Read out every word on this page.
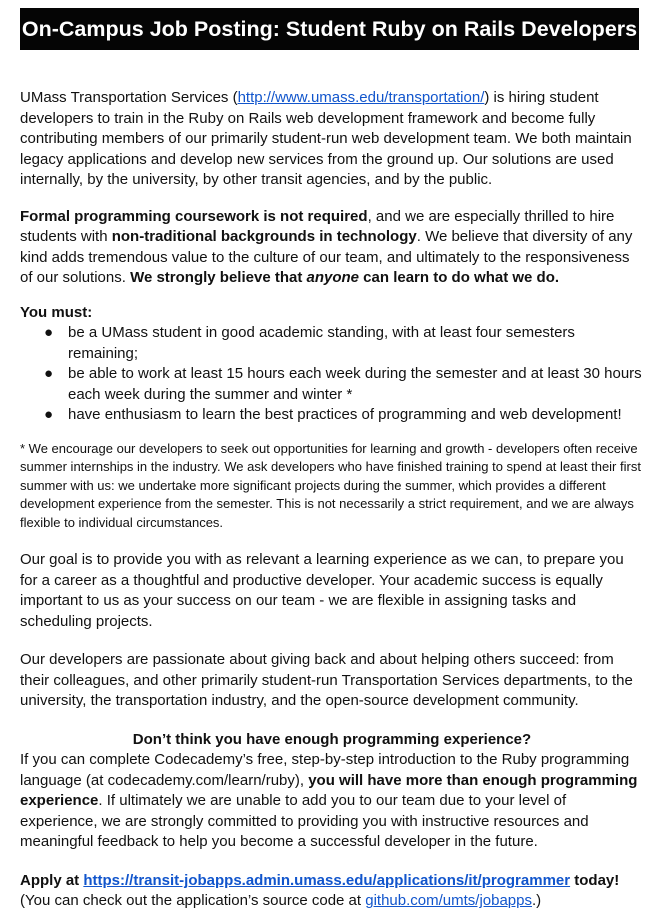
On-Campus Job Posting: Student Ruby on Rails Developers

UMass Transportation Services (http://www.umass.edu/transportation/) is hiring student developers to train in the Ruby on Rails web development framework and become fully contributing members of our primarily student-run web development team. We both maintain legacy applications and develop new services from the ground up. Our solutions are used internally, by the university, by other transit agencies, and by the public.

Formal programming coursework is not required, and we are especially thrilled to hire students with non-traditional backgrounds in technology. We believe that diversity of any kind adds tremendous value to the culture of our team, and ultimately to the responsiveness of our solutions. We strongly believe that anyone can learn to do what we do.

You must:

● be a UMass student in good academic standing, with at least four semesters remaining;
● be able to work at least 15 hours each week during the semester and at least 30 hours each week during the summer and winter *
● have enthusiasm to learn the best practices of programming and web development!

* We encourage our developers to seek out opportunities for learning and growth - developers often receive summer internships in the industry. We ask developers who have finished training to spend at least their first summer with us: we undertake more significant projects during the summer, which provides a different development experience from the semester. This is not necessarily a strict requirement, and we are always flexible to individual circumstances.

Our goal is to provide you with as relevant a learning experience as we can, to prepare you for a career as a thoughtful and productive developer. Your academic success is equally important to us as your success on our team - we are flexible in assigning tasks and scheduling projects.

Our developers are passionate about giving back and about helping others succeed: from their colleagues, and other primarily student-run Transportation Services departments, to the university, the transportation industry, and the open-source development community.

Don’t think you have enough programming experience?

If you can complete Codecademy’s free, step-by-step introduction to the Ruby programming language (at codecademy.com/learn/ruby), you will have more than enough programming experience. If ultimately we are unable to add you to our team due to your level of experience, we are strongly committed to providing you with instructive resources and meaningful feedback to help you become a successful developer in the future.

Apply at https://transit-jobapps.admin.umass.edu/applications/it/programmer today!

(You can check out the application’s source code at github.com/umts/jobapps.)
